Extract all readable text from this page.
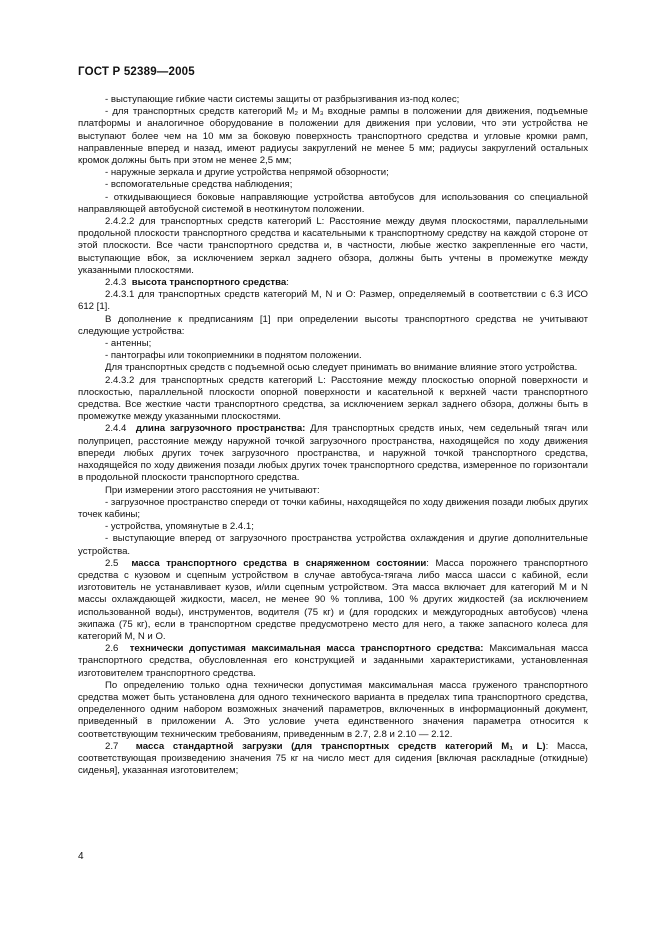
ГОСТ Р 52389—2005

- выступающие гибкие части системы защиты от разбрызгивания из-под колес;

- для транспортных средств категорий M₂ и M₃ входные рампы в положении для движения, подъемные платформы и аналогичное оборудование в положении для движения при условии, что эти устройства не выступают более чем на 10 мм за боковую поверхность транспортного средства и угловые кромки рамп, направленные вперед и назад, имеют радиусы закруглений не менее 5 мм; радиусы закруглений остальных кромок должны быть при этом не менее 2,5 мм;

- наружные зеркала и другие устройства непрямой обзорности;

- вспомогательные средства наблюдения;

- откидывающиеся боковые направляющие устройства автобусов для использования со специальной направляющей автобусной системой в неоткинутом положении.

2.4.2.2 для транспортных средств категорий L: Расстояние между двумя плоскостями, параллельными продольной плоскости транспортного средства и касательными к транспортному средству на каждой стороне от этой плоскости. Все части транспортного средства и, в частности, любые жестко закрепленные его части, выступающие вбок, за исключением зеркал заднего обзора, должны быть учтены в промежутке между указанными плоскостями.

2.4.3 высота транспортного средства:

2.4.3.1 для транспортных средств категорий M, N и O: Размер, определяемый в соответствии с 6.3 ИСО 612 [1].

В дополнение к предписаниям [1] при определении высоты транспортного средства не учитывают следующие устройства:

- антенны;

- пантографы или токоприемники в поднятом положении.

Для транспортных средств с подъемной осью следует принимать во внимание влияние этого устройства.

2.4.3.2 для транспортных средств категорий L: Расстояние между плоскостью опорной поверхности и плоскостью, параллельной плоскости опорной поверхности и касательной к верхней части транспортного средства. Все жесткие части транспортного средства, за исключением зеркал заднего обзора, должны быть в промежутке между указанными плоскостями.

2.4.4 длина загрузочного пространства: Для транспортных средств иных, чем седельный тягач или полуприцеп, расстояние между наружной точкой загрузочного пространства, находящейся по ходу движения впереди любых других точек загрузочного пространства, и наружной точкой транспортного средства, находящейся по ходу движения позади любых других точек транспортного средства, измеренное по горизонтали в продольной плоскости транспортного средства.

При измерении этого расстояния не учитывают:

- загрузочное пространство спереди от точки кабины, находящейся по ходу движения позади любых других точек кабины;

- устройства, упомянутые в 2.4.1;

- выступающие вперед от загрузочного пространства устройства охлаждения и другие дополнительные устройства.

2.5 масса транспортного средства в снаряженном состоянии: Масса порожнего транспортного средства с кузовом и сцепным устройством в случае автобуса-тягача либо масса шасси с кабиной, если изготовитель не устанавливает кузов, и/или сцепным устройством. Эта масса включает для категорий M и N массы охлаждающей жидкости, масел, не менее 90 % топлива, 100 % других жидкостей (за исключением использованной воды), инструментов, водителя (75 кг) и (для городских и междугородных автобусов) члена экипажа (75 кг), если в транспортном средстве предусмотрено место для него, а также запасного колеса для категорий M, N и O.

2.6 технически допустимая максимальная масса транспортного средства: Максимальная масса транспортного средства, обусловленная его конструкцией и заданными характеристиками, установленная изготовителем транспортного средства.

По определению только одна технически допустимая максимальная масса груженого транспортного средства может быть установлена для одного технического варианта в пределах типа транспортного средства, определенного одним набором возможных значений параметров, включенных в информационный документ, приведенный в приложении A. Это условие учета единственного значения параметра относится к соответствующим техническим требованиям, приведенным в 2.7, 2.8 и 2.10 — 2.12.

2.7 масса стандартной загрузки (для транспортных средств категорий M₁ и L): Масса, соответствующая произведению значения 75 кг на число мест для сидения [включая раскладные (откидные) сиденья], указанная изготовителем;

4
